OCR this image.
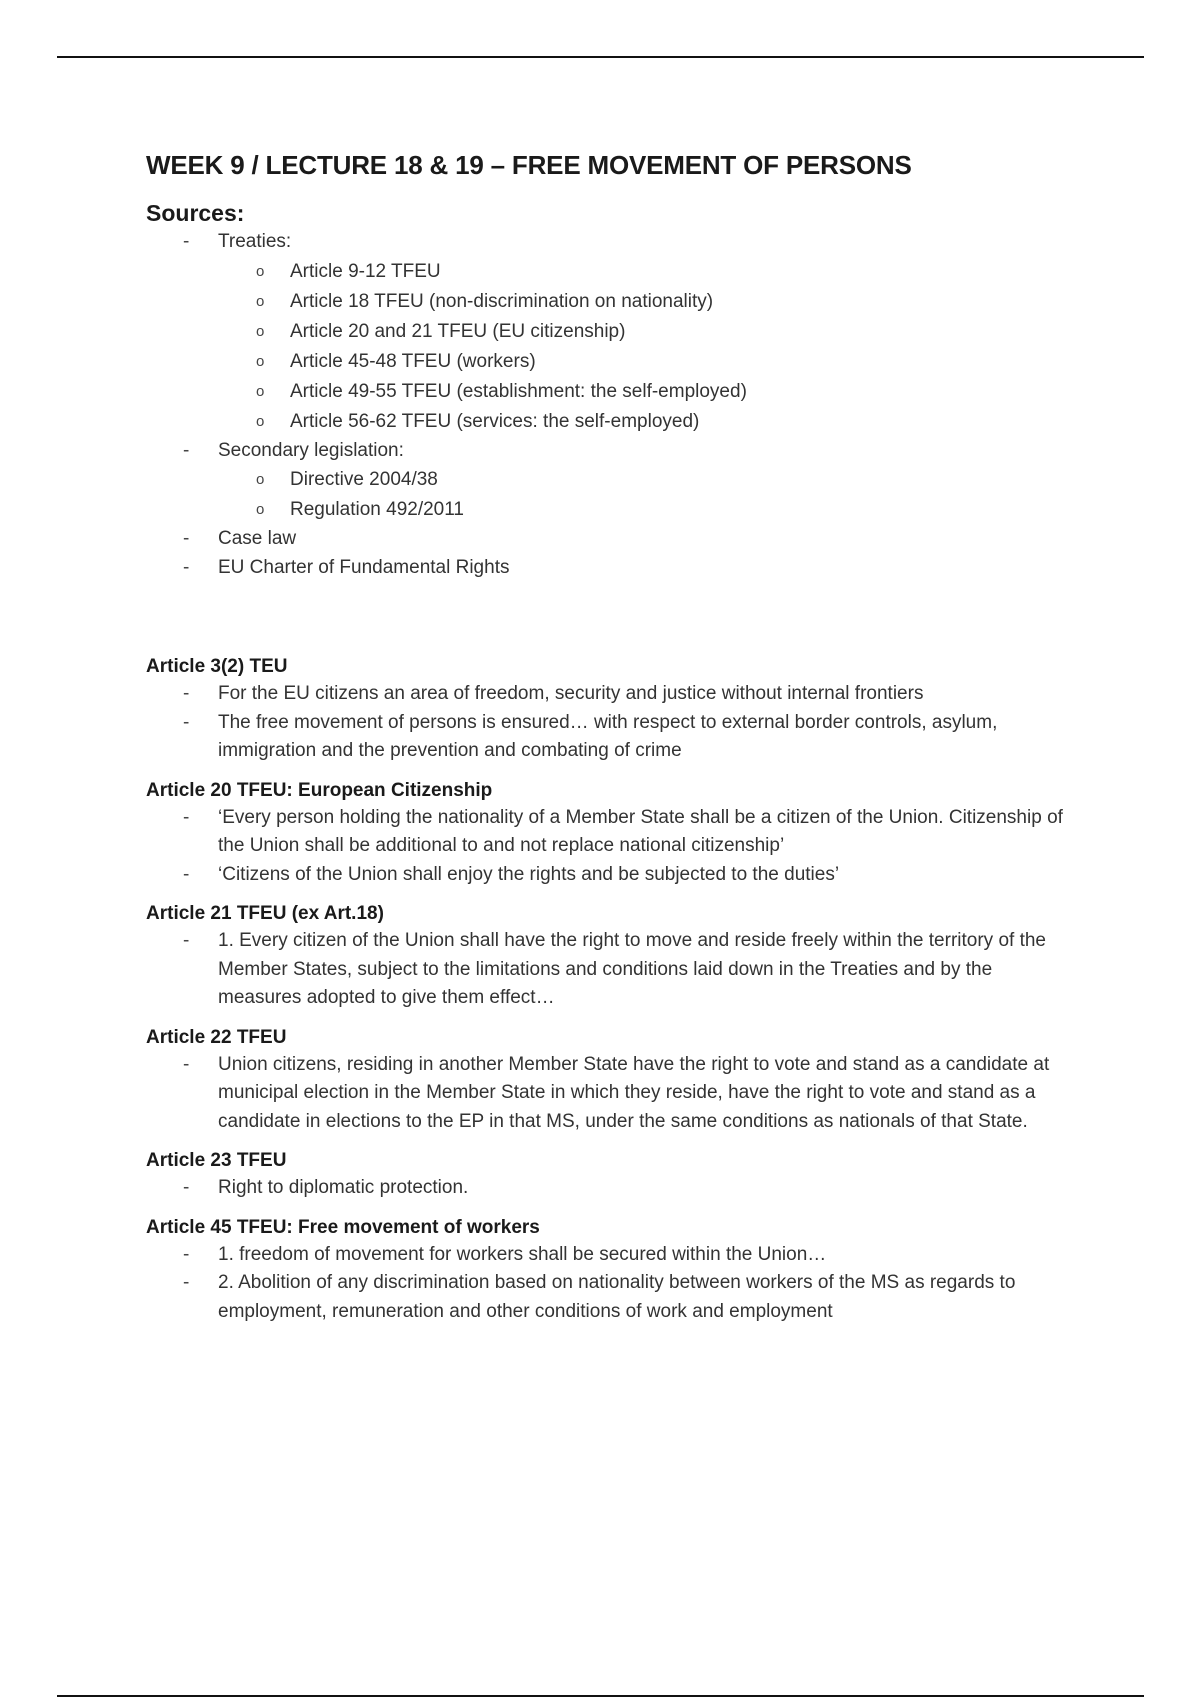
WEEK 9 / LECTURE 18 & 19 – FREE MOVEMENT OF PERSONS
Sources:
-	Treaties:
o Article 9-12 TFEU
o Article 18 TFEU (non-discrimination on nationality)
o Article 20 and 21 TFEU (EU citizenship)
o Article 45-48 TFEU (workers)
o Article 49-55 TFEU (establishment: the self-employed)
o Article 56-62 TFEU (services: the self-employed)
-	Secondary legislation:
o Directive 2004/38
o Regulation 492/2011
-	Case law
-	EU Charter of Fundamental Rights
Article 3(2) TEU
-	For the EU citizens an area of freedom, security and justice without internal frontiers
-	The free movement of persons is ensured… with respect to external border controls, asylum, immigration and the prevention and combating of crime
Article 20 TFEU: European Citizenship
-	‘Every person holding the nationality of a Member State shall be a citizen of the Union. Citizenship of the Union shall be additional to and not replace national citizenship’
-	‘Citizens of the Union shall enjoy the rights and be subjected to the duties’
Article 21 TFEU (ex Art.18)
-	1. Every citizen of the Union shall have the right to move and reside freely within the territory of the Member States, subject to the limitations and conditions laid down in the Treaties and by the measures adopted to give them effect…
Article 22 TFEU
-	Union citizens, residing in another Member State have the right to vote and stand as a candidate at municipal election in the Member State in which they reside, have the right to vote and stand as a candidate in elections to the EP in that MS, under the same conditions as nationals of that State.
Article 23 TFEU
-	Right to diplomatic protection.
Article 45 TFEU: Free movement of workers
-	1. freedom of movement for workers shall be secured within the Union…
-	2. Abolition of any discrimination based on nationality between workers of the MS as regards to employment, remuneration and other conditions of work and employment
